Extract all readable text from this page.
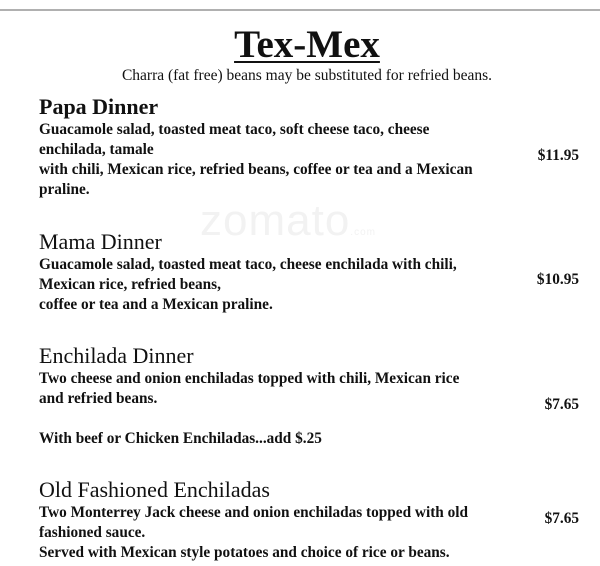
Tex-Mex
Charra (fat free) beans may be substituted for refried beans.
zomato.com
Papa Dinner
Guacamole salad, toasted meat taco, soft cheese taco, cheese
enchilada, tamale
with chili, Mexican rice, refried beans, coffee or tea and a Mexican
praline.
$11.95
Mama Dinner
Guacamole salad, toasted meat taco, cheese enchilada with chili,
Mexican rice, refried beans,
coffee or tea and a Mexican praline.
$10.95
Enchilada Dinner
Two cheese and onion enchiladas topped with chili, Mexican rice
and refried beans.
With beef or Chicken Enchiladas...add $.25
$7.65
Old Fashioned Enchiladas
Two Monterrey Jack cheese and onion enchiladas topped with old
fashioned sauce.
Served with Mexican style potatoes and choice of rice or beans.
$7.65
